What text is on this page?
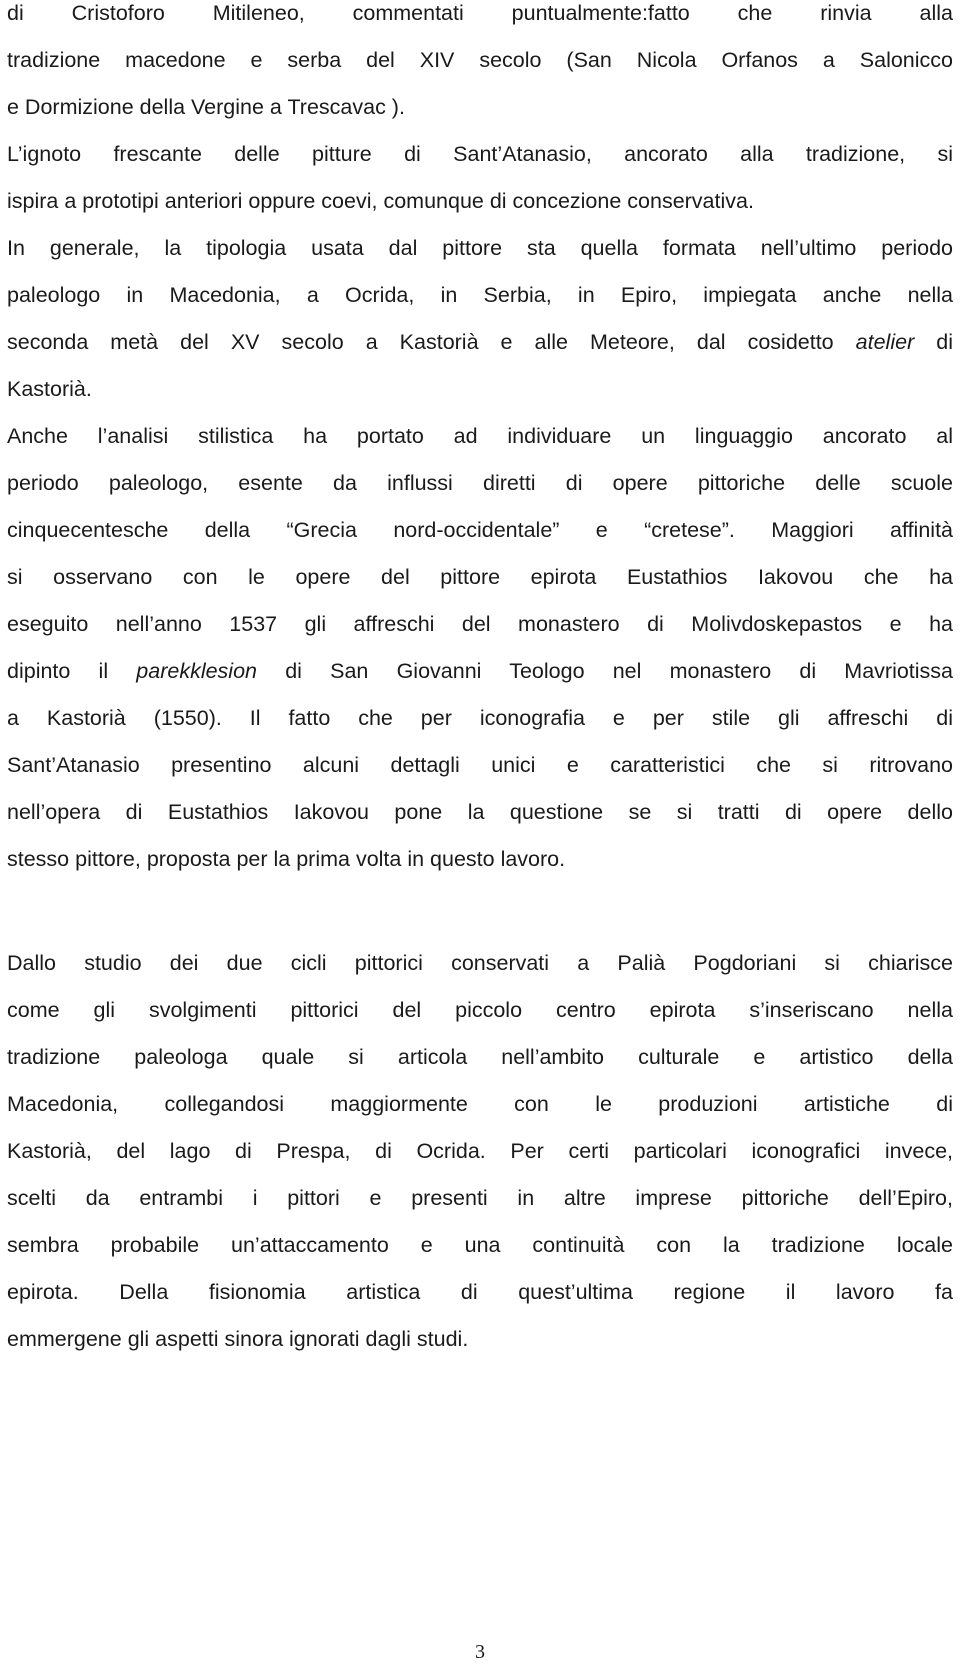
di Cristoforo Mitileneo, commentati puntualmente:fatto che rinvia alla
tradizione macedone e serba del XIV secolo (San Nicola Orfanos a Salonicco
e Dormizione della Vergine a Trescavac ).
L’ignoto frescante delle pitture di Sant’Atanasio, ancorato alla tradizione, si
ispira a prototipi anteriori oppure coevi, comunque di concezione conservativa.
In generale, la tipologia usata dal pittore sta quella formata nell’ultimo periodo
paleologo in Macedonia, a Ocrida, in Serbia, in Epiro, impiegata anche nella
seconda metà del XV secolo a Kastorià e alle Meteore, dal cosidetto atelier di
Kastorià.
Anche l’analisi stilistica ha portato ad individuare un linguaggio ancorato al
periodo paleologo, esente da influssi diretti di opere pittoriche delle scuole
cinquecentesche della “Grecia nord-occidentale” e “cretese”. Maggiori affinità
si osservano con le opere del pittore epirota Eustathios Iakovou che ha
eseguito nell’anno 1537 gli affreschi del monastero di Molivdoskepastos e ha
dipinto il parekklesion di San Giovanni Teologo nel monastero di Mavriotissa
a Kastorià (1550). Il fatto che per iconografia e per stile gli affreschi di
Sant’Atanasio presentino alcuni dettagli unici e caratteristici che si ritrovano
nell’opera di Eustathios Iakovou pone la questione se si tratti di opere dello
stesso pittore, proposta per la prima volta in questo lavoro.
Dallo studio dei due cicli pittorici conservati a Palià Pogdoriani si chiarisce
come gli svolgimenti pittorici del piccolo centro epirota s’inseriscano nella
tradizione paleologa quale si articola nell’ambito culturale e artistico della
Macedonia, collegandosi maggiormente con le produzioni artistiche di
Kastorià, del lago di Prespa, di Ocrida. Per certi particolari iconografici invece,
scelti da entrambi i pittori e presenti in altre imprese pittoriche dell’Epiro,
sembra probabile un’attaccamento e una continuità con la tradizione locale
epirota. Della fisionomia artistica di quest’ultima regione il lavoro fa
emmergene gli aspetti sinora ignorati dagli studi.
3
